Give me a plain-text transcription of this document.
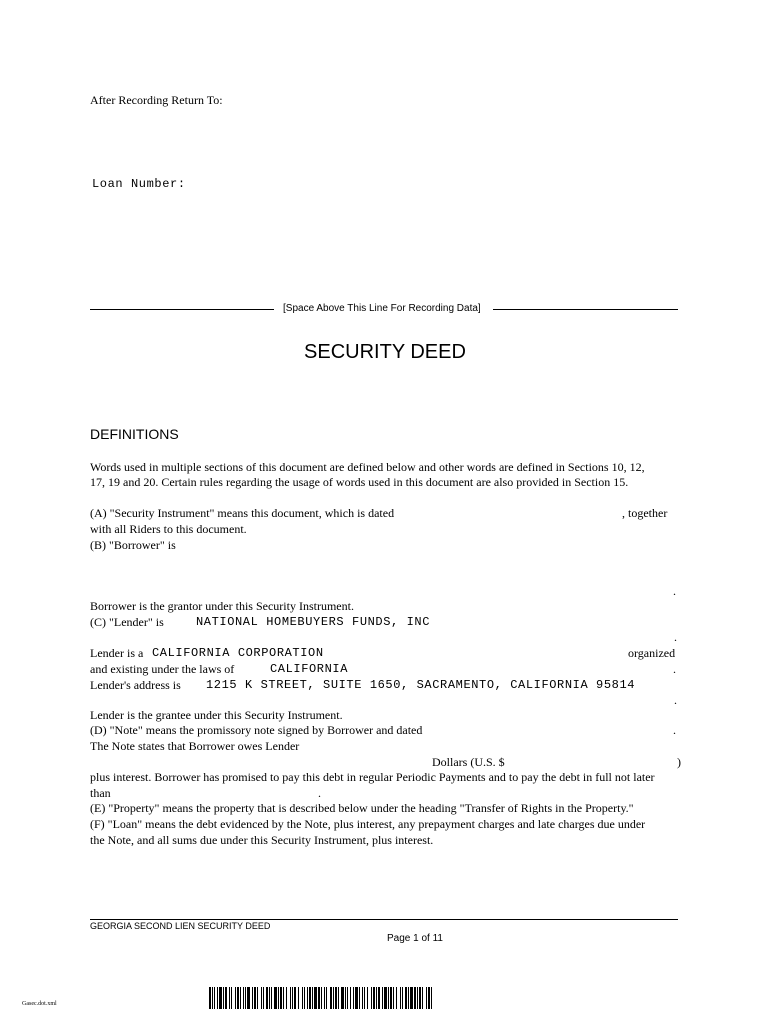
After Recording Return To:
Loan Number:
[Space Above This Line For Recording Data]
SECURITY DEED
DEFINITIONS
Words used in multiple sections of this document are defined below and other words are defined in Sections 10, 12,
17, 19 and 20. Certain rules regarding the usage of words used in this document are also provided in Section 15.
(A) "Security Instrument" means this document, which is dated	, together
with all Riders to this document.
(B) "Borrower" is
.
Borrower is the grantor under this Security Instrument.
(C) "Lender" is	NATIONAL HOMEBUYERS FUNDS, INC
.
Lender is a CALIFORNIA CORPORATION	organized
and existing under the laws of	CALIFORNIA	.
Lender's address is 1215 K STREET, SUITE 1650, SACRAMENTO, CALIFORNIA 95814
.
Lender is the grantee under this Security Instrument.
(D) "Note" means the promissory note signed by Borrower and dated	.
The Note states that Borrower owes Lender
Dollars (U.S. $	)
plus interest. Borrower has promised to pay this debt in regular Periodic Payments and to pay the debt in full not later
than	.
(E) "Property" means the property that is described below under the heading "Transfer of Rights in the Property."
(F) "Loan" means the debt evidenced by the Note, plus interest, any prepayment charges and late charges due under
the Note, and all sums due under this Security Instrument, plus interest.
GEORGIA SECOND LIEN SECURITY DEED
Page 1 of 11
Gasec.dot.xml
